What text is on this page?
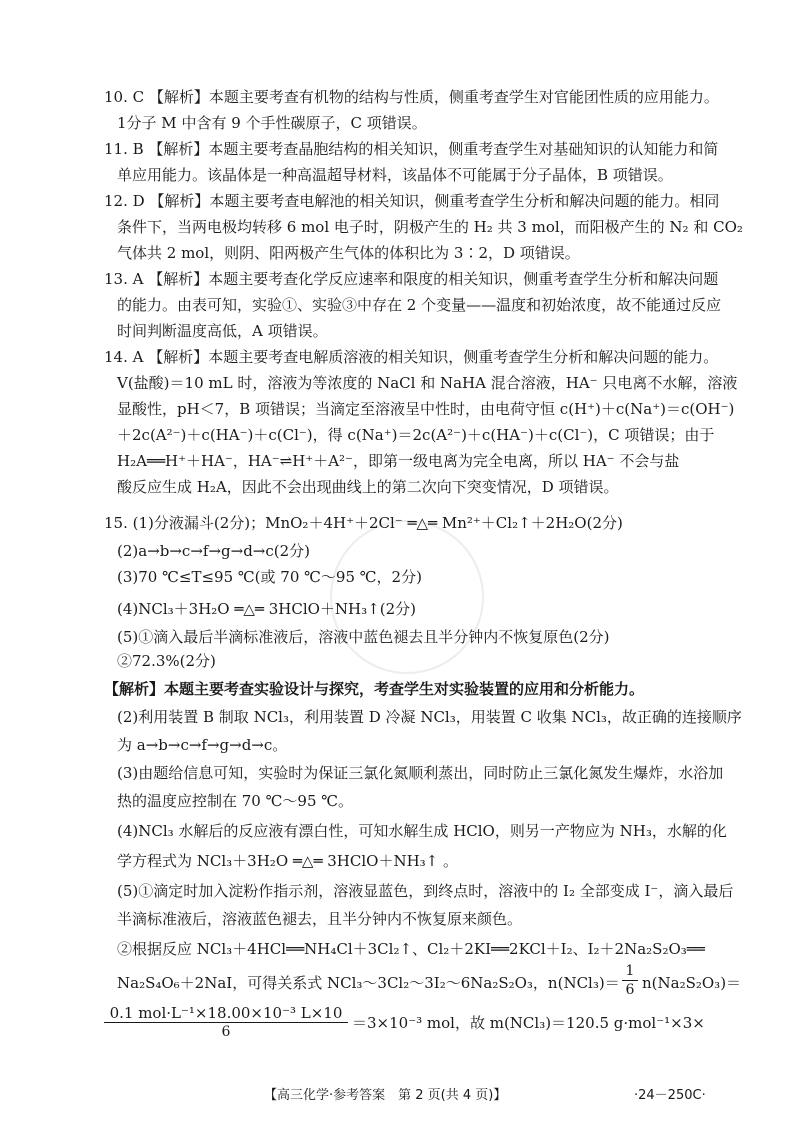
10. C 【解析】本题主要考查有机物的结构与性质，侧重考查学生对官能团性质的应用能力。
1分子 M 中含有 9 个手性碳原子，C 项错误。
11. B 【解析】本题主要考查晶胞结构的相关知识，侧重考查学生对基础知识的认知能力和简
单应用能力。该晶体是一种高温超导材料，该晶体不可能属于分子晶体，B 项错误。
12. D 【解析】本题主要考查电解池的相关知识，侧重考查学生分析和解决问题的能力。相同
条件下，当两电极均转移 6 mol 电子时，阴极产生的 H₂ 共 3 mol，而阳极产生的 N₂ 和 CO₂
气体共 2 mol，则阴、阳两极产生气体的体积比为 3∶2，D 项错误。
13. A 【解析】本题主要考查化学反应速率和限度的相关知识，侧重考查学生分析和解决问题
的能力。由表可知，实验①、实验③中存在 2 个变量——温度和初始浓度，故不能通过反应
时间判断温度高低，A 项错误。
14. A 【解析】本题主要考查电解质溶液的相关知识，侧重考查学生分析和解决问题的能力。
V(盐酸)＝10 mL 时，溶液为等浓度的 NaCl 和 NaHA 混合溶液，HA⁻ 只电离不水解，溶液
显酸性，pH＜7，B 项错误；当滴定至溶液呈中性时，由电荷守恒 c(H⁺)＋c(Na⁺)＝c(OH⁻)
＋2c(A²⁻)＋c(HA⁻)＋c(Cl⁻)，得 c(Na⁺)＝2c(A²⁻)＋c(HA⁻)＋c(Cl⁻)，C 项错误；由于
H₂A══H⁺＋HA⁻，HA⁻⇌H⁺＋A²⁻，即第一级电离为完全电离，所以 HA⁻ 不会与盐
酸反应生成 H₂A，因此不会出现曲线上的第二次向下突变情况，D 项错误。
15. (1)分液漏斗(2分)；MnO₂＋4H⁺＋2Cl⁻ ═△═ Mn²⁺＋Cl₂↑＋2H₂O(2分)
(2)a→b→c→f→g→d→c(2分)
(3)70 ℃≤T≤95 ℃(或 70 ℃～95 ℃，2分)
(4)NCl₃＋3H₂O ═△═ 3HClO＋NH₃↑(2分)
(5)①滴入最后半滴标准液后，溶液中蓝色褪去且半分钟内不恢复原色(2分)
②72.3%(2分)
【解析】本题主要考查实验设计与探究，考查学生对实验装置的应用和分析能力。
(2)利用装置 B 制取 NCl₃，利用装置 D 冷凝 NCl₃，用装置 C 收集 NCl₃，故正确的连接顺序
为 a→b→c→f→g→d→c。
(3)由题给信息可知，实验时为保证三氯化氮顺利蒸出，同时防止三氯化氮发生爆炸，水浴加
热的温度应控制在 70 ℃～95 ℃。
(4)NCl₃ 水解后的反应液有漂白性，可知水解生成 HClO，则另一产物应为 NH₃，水解的化
学方程式为 NCl₃＋3H₂O ═△═ 3HClO＋NH₃↑ 。
(5)①滴定时加入淀粉作指示剂，溶液显蓝色，到终点时，溶液中的 I₂ 全部变成 I⁻，滴入最后
半滴标准液后，溶液蓝色褪去，且半分钟内不恢复原来颜色。
②根据反应 NCl₃＋4HCl══NH₄Cl＋3Cl₂↑、Cl₂＋2KI══2KCl＋I₂、I₂＋2Na₂S₂O₃══
Na₂S₄O₆＋2NaI，可得关系式 NCl₃～3Cl₂～3I₂～6Na₂S₂O₃，$n(NCl_3)= \frac{1}{6} n(Na_2S_2O_3)=$
0.1 mol·L⁻¹×18.00×10⁻³ L×10
6	＝3×10⁻³ mol，故 m(NCl₃)＝120.5 g·mol⁻¹×3×
【高三化学·参考答案　第 2 页(共 4 页)】	·24－250C·
